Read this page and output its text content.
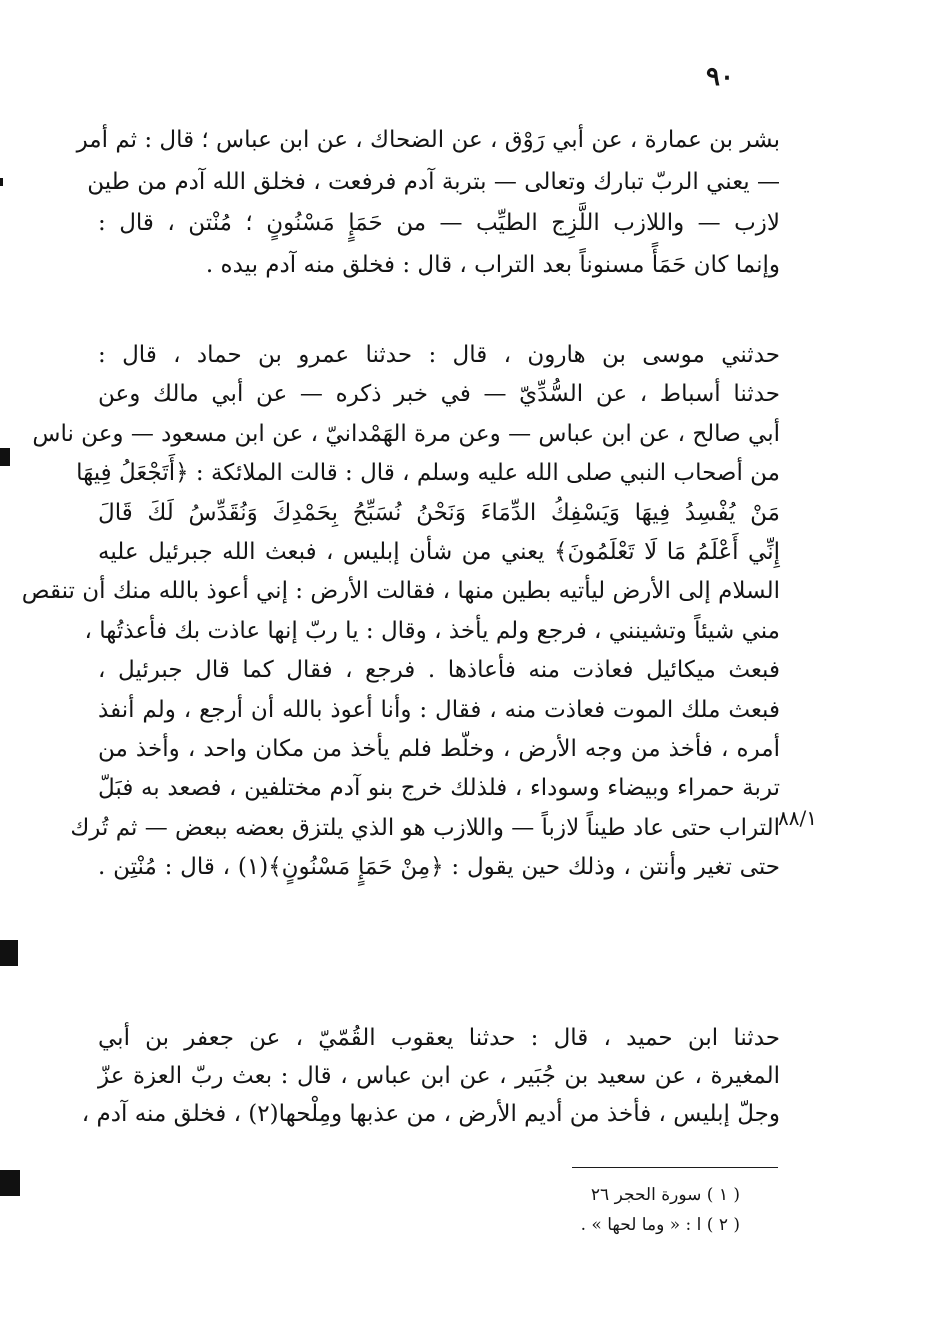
٩٠
بشر بن عمارة ، عن أبي رَوْق ، عن الضحاك ، عن ابن عباس ؛ قال : ثم أمر
— يعني الربّ تبارك وتعالى — بتربة آدم فرفعت ، فخلق الله آدم من طين
لازب — واللازب اللَّزِج الطيِّب — من حَمَإٍ مَسْنُونٍ ؛ مُنْتن ، قال :
وإنما كان حَمَأً مسنوناً بعد التراب ، قال : فخلق منه آدم بيده .
حدثني موسى بن هارون ، قال : حدثنا عمرو بن حماد ، قال :
حدثنا أسباط ، عن السُّدِّيّ — في خبر ذكره — عن أبي مالك وعن
أبي صالح ، عن ابن عباس — وعن مرة الهَمْدانيّ ، عن ابن مسعود — وعن ناس
من أصحاب النبي صلى الله عليه وسلم ، قال : قالت الملائكة : ﴿أَتَجْعَلُ فِيهَا
مَنْ يُفْسِدُ فِيهَا وَيَسْفِكُ الدِّمَاءَ وَنَحْنُ نُسَبِّحُ بِحَمْدِكَ وَنُقَدِّسُ لَكَ قَالَ
إِنِّي أَعْلَمُ مَا لَا تَعْلَمُونَ﴾ يعني من شأن إبليس ، فبعث الله جبرئيل عليه
السلام إلى الأرض ليأتيه بطين منها ، فقالت الأرض : إني أعوذ بالله منك أن تنقص
مني شيئاً وتشينني ، فرجع ولم يأخذ ، وقال : يا ربّ إنها عاذت بك فأعذتُها ،
فبعث ميكائيل فعاذت منه فأعاذها . فرجع ، فقال كما قال جبرئيل ،
فبعث ملك الموت فعاذت منه ، فقال : وأنا أعوذ بالله أن أرجع ، ولم أنفذ
أمره ، فأخذ من وجه الأرض ، وخلّط فلم يأخذ من مكان واحد ، وأخذ من
تربة حمراء وبيضاء وسوداء ، فلذلك خرج بنو آدم مختلفين ، فصعد به فبَلّ
التراب حتى عاد طيناً لازباً — واللازب هو الذي يلتزق بعضه ببعض — ثم تُرك
حتى تغير وأنتن ، وذلك حين يقول : ﴿مِنْ حَمَإٍ مَسْنُونٍ﴾(١) ، قال : مُنْتِن .
٨٨/١
حدثنا ابن حميد ، قال : حدثنا يعقوب القُمّيّ ، عن جعفر بن أبي
المغيرة ، عن سعيد بن جُبَير ، عن ابن عباس ، قال : بعث ربّ العزة عزّ
وجلّ إبليس ، فأخذ من أديم الأرض ، من عذبها ومِلْحها(٢) ، فخلق منه آدم ،
( ١ ) سورة الحجر ٢٦
( ٢ ) ا : « وما لحها » .
